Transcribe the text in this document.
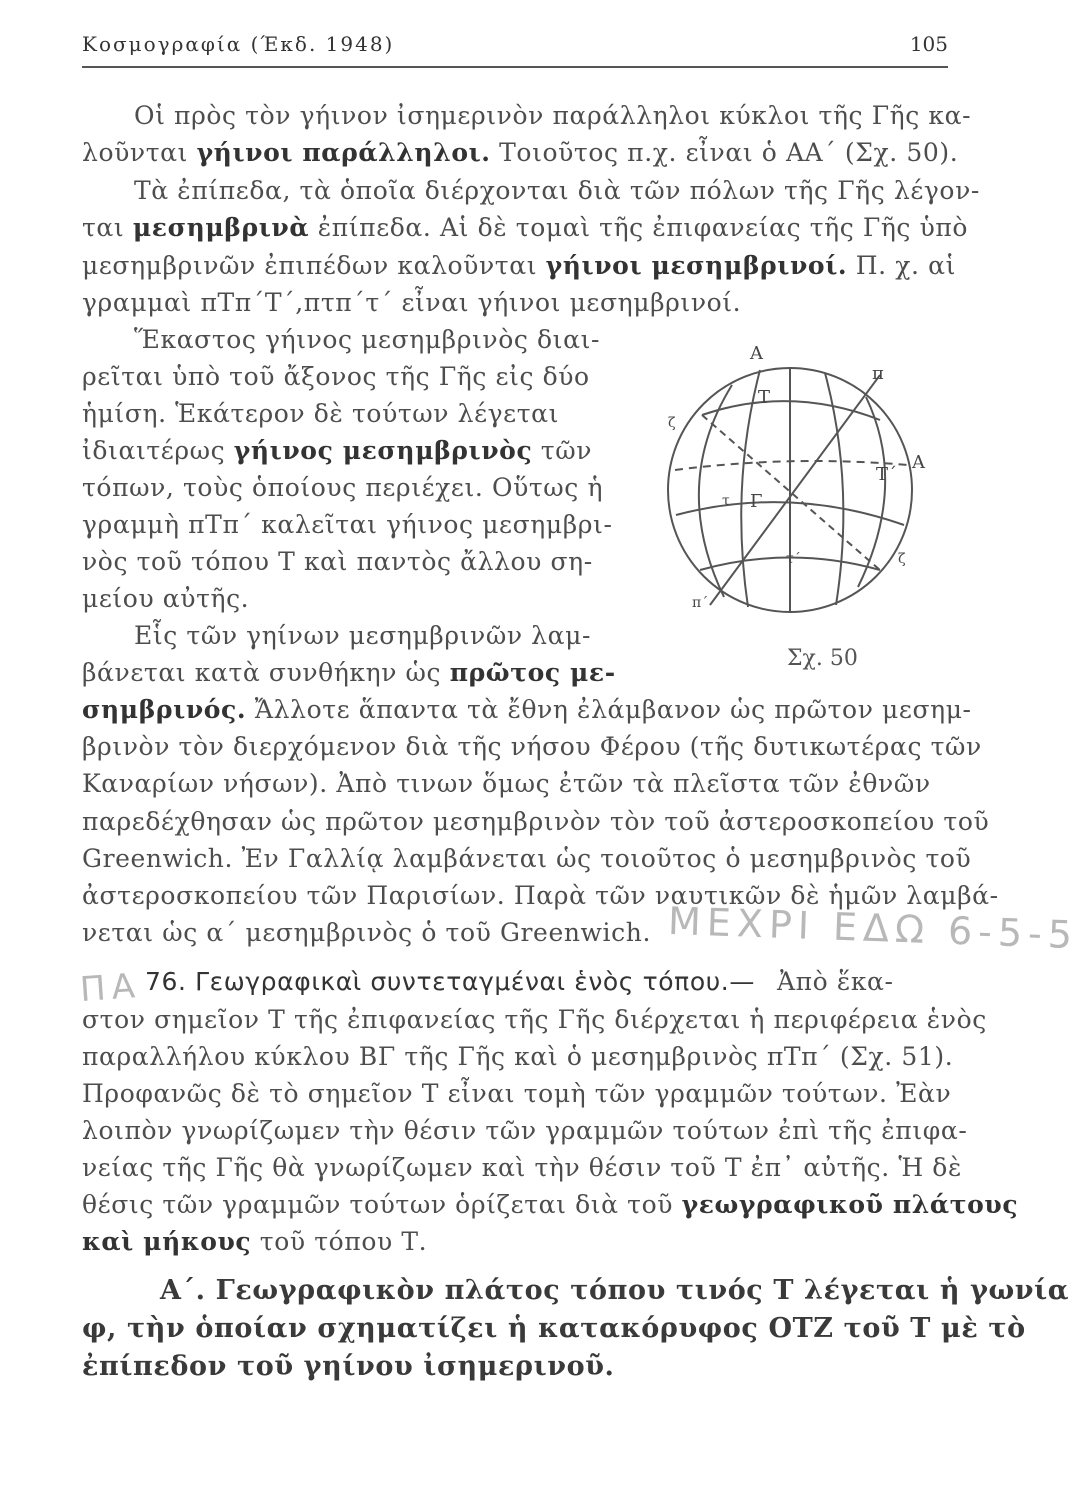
Κοσμογραφία (Έκδ. 1948)	105
Οἱ πρὸς τὸν γήινον ἰσημερινὸν παράλληλοι κύκλοι τῆς Γῆς κα-
λοῦνται γήινοι παράλληλοι. Τοιοῦτος π.χ. εἶναι ὁ ΑΑ΄ (Σχ. 50).
Τὰ ἐπίπεδα, τὰ ὁποῖα διέρχονται διὰ τῶν πόλων τῆς Γῆς λέγον-
ται μεσημβρινὰ ἐπίπεδα. Αἱ δὲ τομαὶ τῆς ἐπιφανείας τῆς Γῆς ὑπὸ
μεσημβρινῶν ἐπιπέδων καλοῦνται γήινοι μεσημβρινοί. Π. χ. αἱ
γραμμαὶ πΤπ΄Τ΄,πτπ΄τ΄ εἶναι γήινοι μεσημβρινοί.
Ἕκαστος γήινος μεσημβρινὸς διαι-
ρεῖται ὑπὸ τοῦ ἄξονος τῆς Γῆς εἰς δύο
ἡμίση. Ἑκάτερον δὲ τούτων λέγεται
ἰδιαιτέρως γήινος μεσημβρινὸς τῶν
τόπων, τοὺς ὁποίους περιέχει. Οὕτως ἡ
γραμμὴ πΤπ΄ καλεῖται γήινος μεσημβρι-
νὸς τοῦ τόπου Τ καὶ παντὸς ἄλλου ση-
μείου αὐτῆς.
Εἷς τῶν γηίνων μεσημβρινῶν λαμ-
βάνεται κατὰ συνθήκην ὡς πρῶτος με-
σημβρινός. Ἄλλοτε ἅπαντα τὰ ἔθνη ἐλάμβανον ὡς πρῶτον μεσημ-
βρινὸν τὸν διερχόμενον διὰ τῆς νήσου Φέρου (τῆς δυτικωτέρας τῶν
Καναρίων νήσων). Ἀπὸ τινων ὅμως ἐτῶν τὰ πλεῖστα τῶν ἐθνῶν
παρεδέχθησαν ὡς πρῶτον μεσημβρινὸν τὸν τοῦ ἀστεροσκοπείου τοῦ
Greenwich. Ἐν Γαλλίᾳ λαμβάνεται ὡς τοιοῦτος ὁ μεσημβρινὸς τοῦ
ἀστεροσκοπείου τῶν Παρισίων. Παρὰ τῶν ναυτικῶν δὲ ἡμῶν λαμβά-
νεται ὡς α΄ μεσημβρινὸς ὁ τοῦ Greenwich. ΜΕΧΡΙ ΕΔΩ 6-5-5
ΠΑ
Α
π
Α
Τ
Τ΄
Γ
τ
τ΄
ζ
ζ
π΄
Σχ. 50
76. Γεωγραφικαὶ συντεταγμέναι ἑνὸς τόπου.— Ἀπὸ ἕκα-
στον σημεῖον Τ τῆς ἐπιφανείας τῆς Γῆς διέρχεται ἡ περιφέρεια ἑνὸς
παραλλήλου κύκλου ΒΓ τῆς Γῆς καὶ ὁ μεσημβρινὸς πΤπ΄ (Σχ. 51).
Προφανῶς δὲ τὸ σημεῖον Τ εἶναι τομὴ τῶν γραμμῶν τούτων. Ἐὰν
λοιπὸν γνωρίζωμεν τὴν θέσιν τῶν γραμμῶν τούτων ἐπὶ τῆς ἐπιφα-
νείας τῆς Γῆς θὰ γνωρίζωμεν καὶ τὴν θέσιν τοῦ Τ ἐπ᾽ αὐτῆς. Ἡ δὲ
θέσις τῶν γραμμῶν τούτων ὁρίζεται διὰ τοῦ γεωγραφικοῦ πλάτους
καὶ μήκους τοῦ τόπου Τ.
Α΄. Γεωγραφικὸν πλάτος τόπου τινός Τ λέγεται ἡ γωνία
φ, τὴν ὁποίαν σχηματίζει ἡ κατακόρυφος ΟΤΖ τοῦ Τ μὲ τὸ
ἐπίπεδον τοῦ γηίνου ἰσημερινοῦ.
